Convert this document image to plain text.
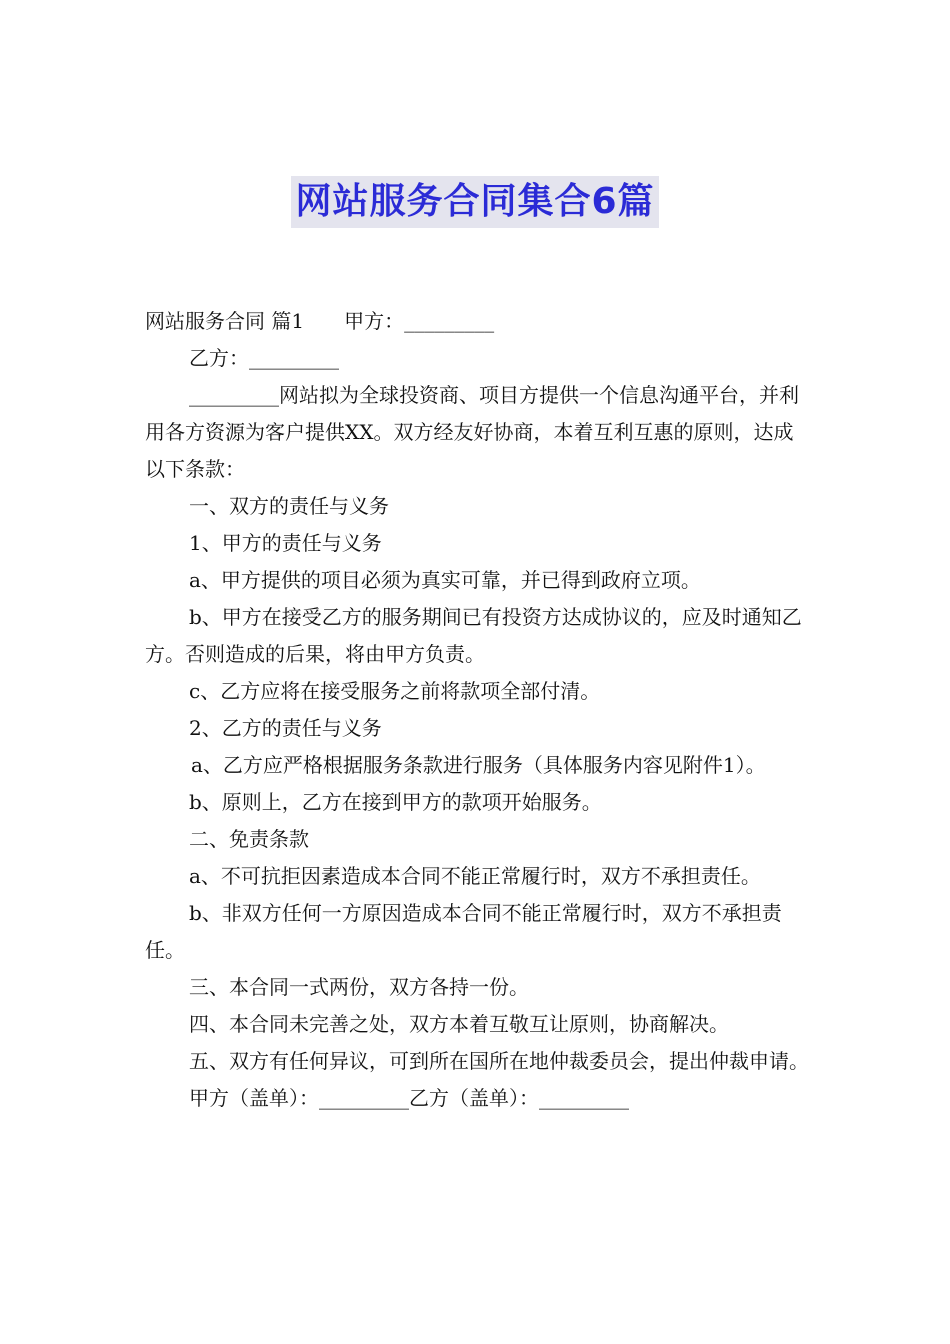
网站服务合同集合6篇

网站服务合同 篇1 甲方：_________

乙方：_________

_________网站拟为全球投资商、项目方提供一个信息沟通平台，并利用各方资源为客户提供XX。双方经友好协商，本着互利互惠的原则，达成以下条款：

一、双方的责任与义务

1、甲方的责任与义务

a、甲方提供的项目必须为真实可靠，并已得到政府立项。

b、甲方在接受乙方的服务期间已有投资方达成协议的，应及时通知乙方。否则造成的后果，将由甲方负责。

c、乙方应将在接受服务之前将款项全部付清。

2、乙方的责任与义务

a、乙方应严格根据服务条款进行服务（具体服务内容见附件1）。

b、原则上，乙方在接到甲方的款项开始服务。

二、免责条款

a、不可抗拒因素造成本合同不能正常履行时，双方不承担责任。

b、非双方任何一方原因造成本合同不能正常履行时，双方不承担责任。

三、本合同一式两份，双方各持一份。

四、本合同未完善之处，双方本着互敬互让原则，协商解决。

五、双方有任何异议，可到所在国所在地仲裁委员会，提出仲裁申请。

甲方（盖单）：_________乙方（盖单）：_________
